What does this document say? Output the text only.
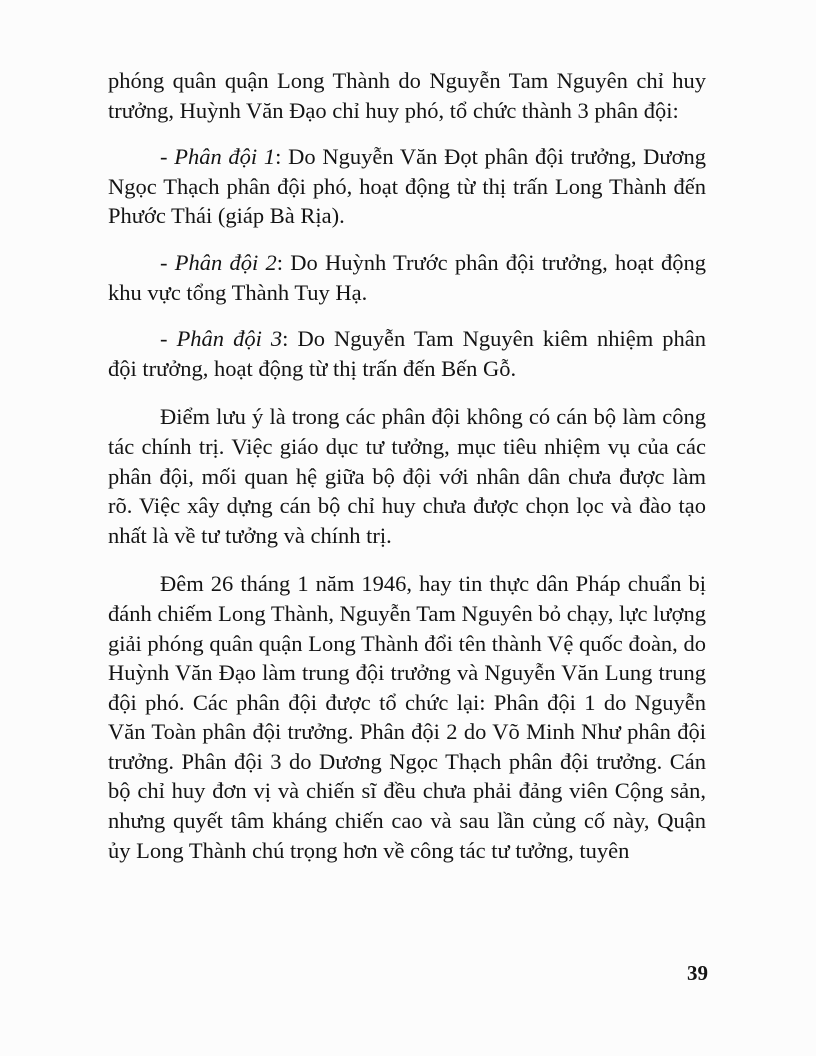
phóng quân quận Long Thành do Nguyễn Tam Nguyên chỉ huy trưởng, Huỳnh Văn Đạo chỉ huy phó, tổ chức thành 3 phân đội:

- Phân đội 1: Do Nguyễn Văn Đọt phân đội trưởng, Dương Ngọc Thạch phân đội phó, hoạt động từ thị trấn Long Thành đến Phước Thái (giáp Bà Rịa).

- Phân đội 2: Do Huỳnh Trước phân đội trưởng, hoạt động khu vực tổng Thành Tuy Hạ.

- Phân đội 3: Do Nguyễn Tam Nguyên kiêm nhiệm phân đội trưởng, hoạt động từ thị trấn đến Bến Gỗ.

Điểm lưu ý là trong các phân đội không có cán bộ làm công tác chính trị. Việc giáo dục tư tưởng, mục tiêu nhiệm vụ của các phân đội, mối quan hệ giữa bộ đội với nhân dân chưa được làm rõ. Việc xây dựng cán bộ chỉ huy chưa được chọn lọc và đào tạo nhất là về tư tưởng và chính trị.

Đêm 26 tháng 1 năm 1946, hay tin thực dân Pháp chuẩn bị đánh chiếm Long Thành, Nguyễn Tam Nguyên bỏ chạy, lực lượng giải phóng quân quận Long Thành đổi tên thành Vệ quốc đoàn, do Huỳnh Văn Đạo làm trung đội trưởng và Nguyễn Văn Lung trung đội phó. Các phân đội được tổ chức lại: Phân đội 1 do Nguyễn Văn Toàn phân đội trưởng. Phân đội 2 do Võ Minh Như phân đội trưởng. Phân đội 3 do Dương Ngọc Thạch phân đội trưởng. Cán bộ chỉ huy đơn vị và chiến sĩ đều chưa phải đảng viên Cộng sản, nhưng quyết tâm kháng chiến cao và sau lần củng cố này, Quận ủy Long Thành chú trọng hơn về công tác tư tưởng, tuyên

39
